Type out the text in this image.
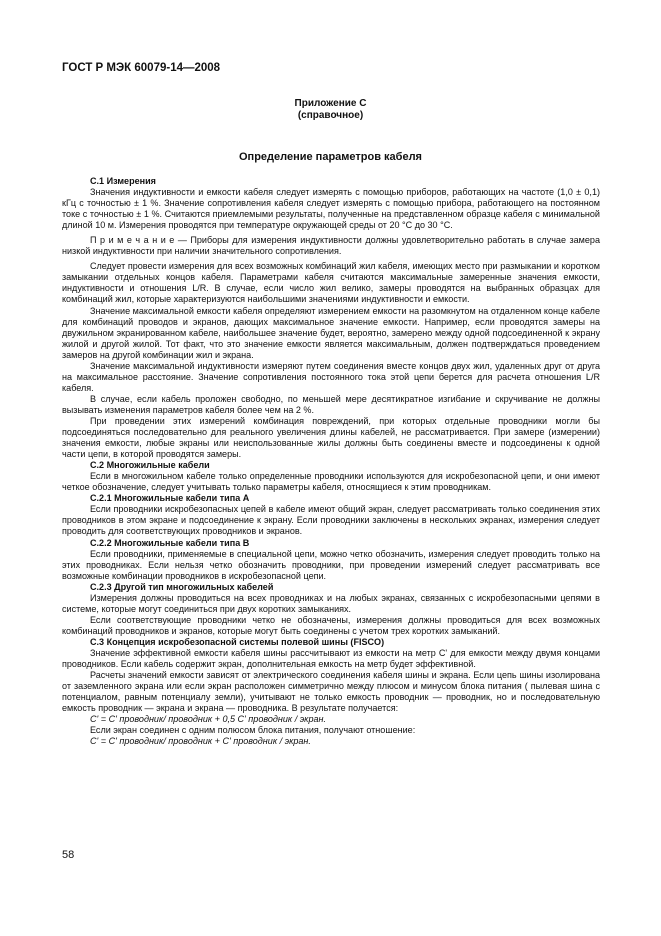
ГОСТ Р МЭК 60079-14—2008
Приложение С
(справочное)
Определение параметров кабеля
С.1 Измерения

Значения индуктивности и емкости кабеля следует измерять с помощью приборов, работающих на частоте (1,0 ± 0,1) кГц с точностью ± 1 %. Значение сопротивления кабеля следует измерять с помощью прибора, работающего на постоянном токе с точностью ± 1 %. Считаются приемлемыми результаты, полученные на представленном образце кабеля с минимальной длиной 10 м. Измерения проводятся при температуре окружающей среды от 20 °С до 30 °С.

П р и м е ч а н и е — Приборы для измерения индуктивности должны удовлетворительно работать в случае замера низкой индуктивности при наличии значительного сопротивления.

Следует провести измерения для всех возможных комбинаций жил кабеля, имеющих место при размыкании и коротком замыкании отдельных концов кабеля. Параметрами кабеля считаются максимальные замеренные значения емкости, индуктивности и отношения L/R. В случае, если число жил велико, замеры проводятся на выбранных образцах для комбинаций жил, которые характеризуются наибольшими значениями индуктивности и емкости.

Значение максимальной емкости кабеля определяют измерением емкости на разомкнутом на отдаленном конце кабеле для комбинаций проводов и экранов, дающих максимальное значение емкости. Например, если проводятся замеры на двужильном экранированном кабеле, наибольшее значение будет, вероятно, замерено между одной подсоединенной к экрану жилой и другой жилой. Тот факт, что это значение емкости является максимальным, должен подтверждаться проведением замеров на другой комбинации жил и экрана.

Значение максимальной индуктивности измеряют путем соединения вместе концов двух жил, удаленных друг от друга на максимальное расстояние. Значение сопротивления постоянного тока этой цепи берется для расчета отношения L/R кабеля.

В случае, если кабель проложен свободно, по меньшей мере десятикратное изгибание и скручивание не должны вызывать изменения параметров кабеля более чем на 2 %.

При проведении этих измерений комбинация повреждений, при которых отдельные проводники могли бы подсоединяться последовательно для реального увеличения длины кабелей, не рассматривается. При замере (измерении) значения емкости, любые экраны или неиспользованные жилы должны быть соединены вместе и подсоединены к одной части цепи, в которой проводятся замеры.

С.2 Многожильные кабели

Если в многожильном кабеле только определенные проводники используются для искробезопасной цепи, и они имеют четкое обозначение, следует учитывать только параметры кабеля, относящиеся к этим проводникам.

С.2.1 Многожильные кабели типа А

Если проводники искробезопасных цепей в кабеле имеют общий экран, следует рассматривать только соединения этих проводников в этом экране и подсоединение к экрану. Если проводники заключены в нескольких экранах, измерения следует проводить для соответствующих проводников и экранов.

С.2.2 Многожильные кабели типа В

Если проводники, применяемые в специальной цепи, можно четко обозначить, измерения следует проводить только на этих проводниках. Если нельзя четко обозначить проводники, при проведении измерений следует рассматривать все возможные комбинации проводников в искробезопасной цепи.

С.2.3 Другой тип многожильных кабелей

Измерения должны проводиться на всех проводниках и на любых экранах, связанных с искробезопасными цепями в системе, которые могут соединиться при двух коротких замыканиях.

Если соответствующие проводники четко не обозначены, измерения должны проводиться для всех возможных комбинаций проводников и экранов, которые могут быть соединены с учетом трех коротких замыканий.

С.3 Концепция искробезопасной системы полевой шины (FISCO)

Значение эффективной емкости кабеля шины рассчитывают из емкости на метр С' для емкости между двумя концами проводников. Если кабель содержит экран, дополнительная емкость на метр будет эффективной.

Расчеты значений емкости зависят от электрического соединения кабеля шины и экрана. Если цепь шины изолирована от заземленного экрана или если экран расположен симметрично между плюсом и минусом блока питания ( пылевая шина с потенциалом, равным потенциалу земли), учитывают не только емкость проводник — проводник, но и последовательную емкость проводник — экрана и экрана — проводника. В результате получается:

С' = С' проводник/ проводник + 0,5 С' проводник / экран.

Если экран соединен с одним полюсом блока питания, получают отношение:

С' = С' проводник/ проводник + С' проводник / экран.

58
